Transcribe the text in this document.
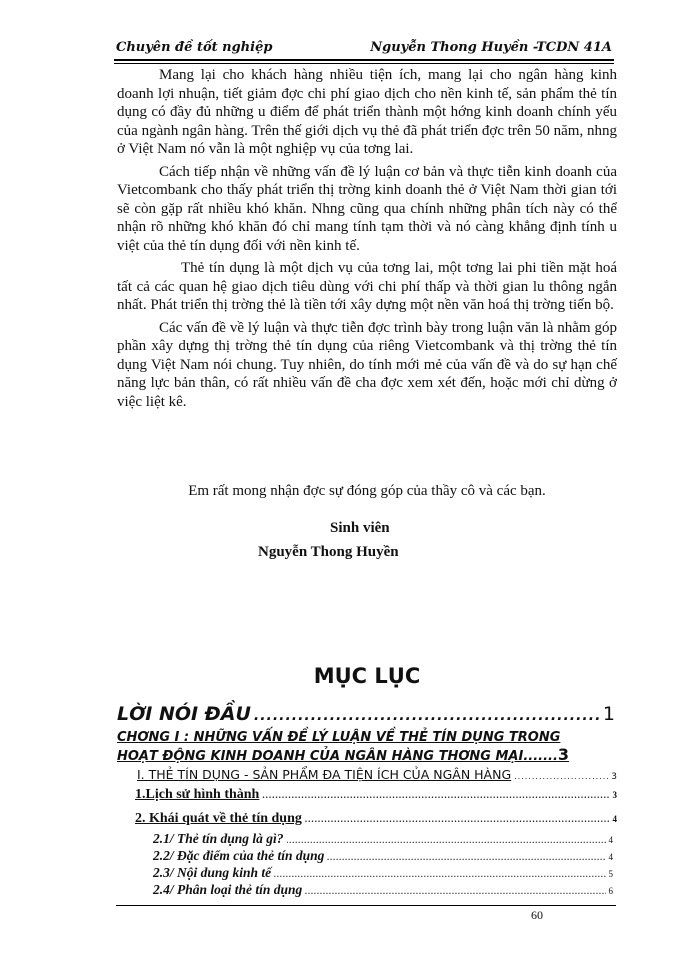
Chuyên đề tốt nghiệp	Nguyễn Thong Huyền -TCDN 41A

Mang lại cho khách hàng nhiều tiện ích, mang lại cho ngân hàng kinh doanh lợi nhuận, tiết giảm đợc chi phí giao dịch cho nền kinh tế, sản phẩm thẻ tín dụng có đầy đủ những u điểm để phát triển thành một hớng kinh doanh chính yếu của ngành ngân hàng. Trên thế giới dịch vụ thẻ đã phát triển đợc trên 50 năm, nhng ở Việt Nam nó vẫn là một nghiệp vụ của tơng lai.

Cách tiếp nhận về những vấn đề lý luận cơ bản và thực tiễn kinh doanh của Vietcombank cho thấy phát triển thị trờng kinh doanh thẻ ở Việt Nam thời gian tới sẽ còn gặp rất nhiều khó khăn. Nhng cũng qua chính những phân tích này có thể nhận rõ những khó khăn đó chỉ mang tính tạm thời và nó càng khẳng định tính u việt của thẻ tín dụng đối với nền kinh tế.

Thẻ tín dụng là một dịch vụ của tơng lai, một tơng lai phi tiền mặt hoá tất cả các quan hệ giao dịch tiêu dùng với chi phí thấp và thời gian lu thông ngắn nhất. Phát triển thị trờng thẻ là tiền tới xây dựng một nền văn hoá thị trờng tiến bộ.

Các vấn đề về lý luận và thực tiễn đợc trình bày trong luận văn là nhằm góp phần xây dựng thị trờng thẻ tín dụng của riêng Vietcombank và thị trờng thẻ tín dụng Việt Nam nói chung. Tuy nhiên, do tính mới mẻ của vấn đề và do sự hạn chế năng lực bản thân, có rất nhiều vấn đề cha đợc xem xét đến, hoặc mới chỉ dừng ở việc liệt kê.

Em rất mong nhận đợc sự đóng góp của thầy cô và các bạn.
Sinh viên
Nguyễn Thong Huyền
MỤC LỤC
LỜI NÓI ĐẦU .....	1
CHƠNG I : NHỮNG VẤN ĐỀ LÝ LUẬN VỀ THẺ TÍN DỤNG TRONG
HOẠT ĐỘNG KINH DOANH CỦA NGÂN HÀNG THƠNG MẠI ....... 3
I. THẺ TÍN DỤNG - SẢN PHẨM ĐA TIỆN ÍCH CỦA NGÂN HÀNG .....	3
1.Lịch sử hình thành .....	3
2. Khái quát về thẻ tín dụng .....	4
2.1/ Thẻ tín dụng là gì? .....	4
2.2/ Đặc điểm của thẻ tín dụng .....	4
2.3/ Nội dung kinh tế .....	5
2.4/ Phân loại thẻ tín dụng .....	6
60
